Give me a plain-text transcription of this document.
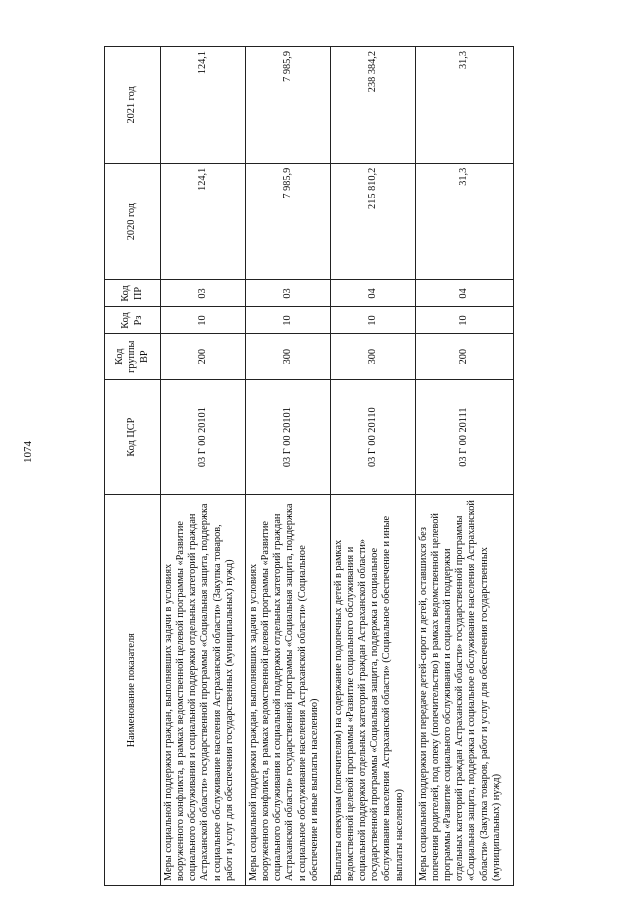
1074
Наименование показателя	Код ЦСР	Код группы ВР	Код Рз	Код ПР	2020 год	2021 год
Меры социальной поддержки граждан, выполнявших задачи в условиях вооруженного конфликта, в рамках ведомственной целевой программы «Развитие социального обслуживания и социальной поддержки отдельных категорий граждан Астраханской области» государственной программы «Социальная защита, поддержка и социальное обслуживание населения Астраханской области» (Закупка товаров, работ и услуг для обеспечения государственных (муниципальных) нужд)	03 Г 00 20101	200	10	03	124,1	124,1
Меры социальной поддержки граждан, выполнявших задачи в условиях вооруженного конфликта, в рамках ведомственной целевой программы «Развитие социального обслуживания и социальной поддержки отдельных категорий граждан Астраханской области» государственной программы «Социальная защита, поддержка и социальное обслуживание населения Астраханской области» (Социальное обеспечение и иные выплаты населению)	03 Г 00 20101	300	10	03	7 985,9	7 985,9
Выплаты опекунам (попечителям) на содержание подопечных детей в рамках ведомственной целевой программы «Развитие социального обслуживания и социальной поддержки отдельных категорий граждан Астраханской области» государственной программы «Социальная защита, поддержка и социальное обслуживание населения Астраханской области» (Социальное обеспечение и иные выплаты населению)	03 Г 00 20110	300	10	04	215 810,2	238 384,2
Меры социальной поддержки при передаче детей-сирот и детей, оставшихся без попечения родителей, под опеку (попечительство) в рамках ведомственной целевой программы «Развитие социального обслуживания и социальной поддержки отдельных категорий граждан Астраханской области» государственной программы «Социальная защита, поддержка и социальное обслуживание населения Астраханской области» (Закупка товаров, работ и услуг для обеспечения государственных (муниципальных) нужд)	03 Г 00 20111	200	10	04	31,3	31,3
